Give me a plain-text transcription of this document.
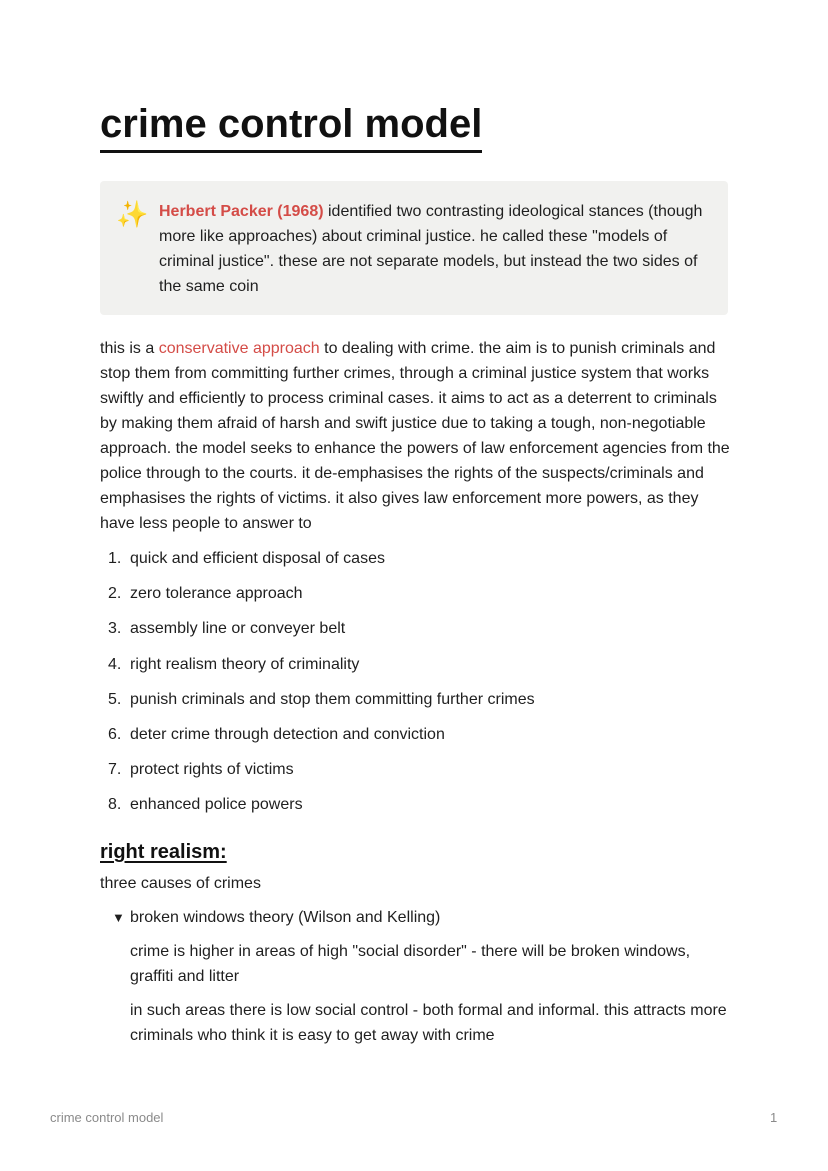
crime control model
✨ Herbert Packer (1968) identified two contrasting ideological stances (though more like approaches) about criminal justice. he called these "models of criminal justice". these are not separate models, but instead the two sides of the same coin

this is a conservative approach to dealing with crime. the aim is to punish criminals and stop them from committing further crimes, through a criminal justice system that works swiftly and efficiently to process criminal cases. it aims to act as a deterrent to criminals by making them afraid of harsh and swift justice due to taking a tough, non-negotiable approach. the model seeks to enhance the powers of law enforcement agencies from the police through to the courts. it de-emphasises the rights of the suspects/criminals and emphasises the rights of victims. it also gives law enforcement more powers, as they have less people to answer to

1. quick and efficient disposal of cases
2. zero tolerance approach
3. assembly line or conveyer belt
4. right realism theory of criminality
5. punish criminals and stop them committing further crimes
6. deter crime through detection and conviction
7. protect rights of victims
8. enhanced police powers
right realism:
three causes of crimes
▼ broken windows theory (Wilson and Kelling)

crime is higher in areas of high "social disorder" - there will be broken windows, graffiti and litter

in such areas there is low social control - both formal and informal. this attracts more criminals who think it is easy to get away with crime

crime control model	1
